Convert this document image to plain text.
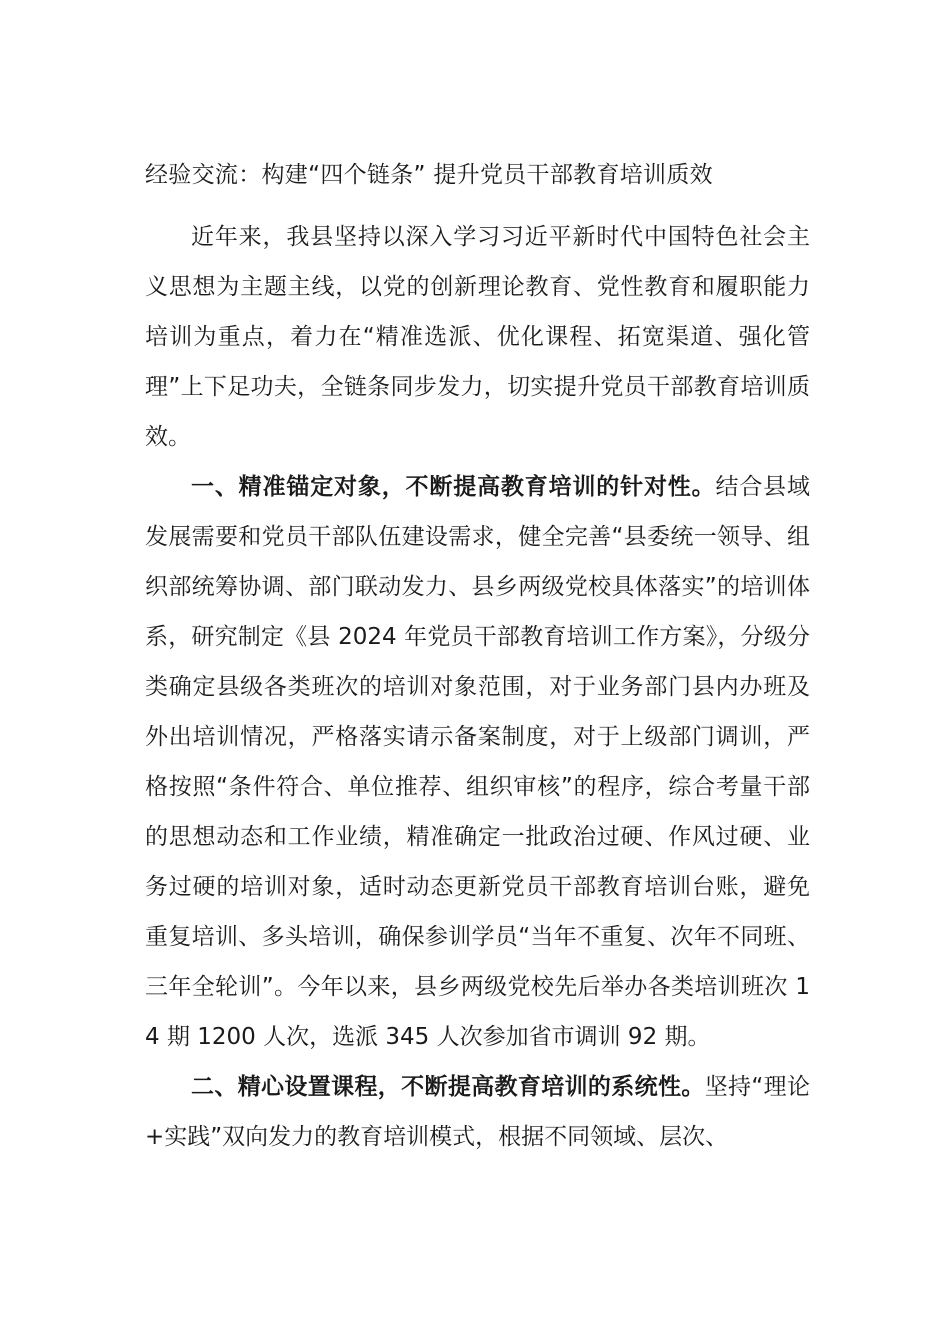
经验交流：构建“四个链条” 提升党员干部教育培训质效

近年来，我县坚持以深入学习习近平新时代中国特色社会主义思想为主题主线，以党的创新理论教育、党性教育和履职能力培训为重点，着力在“精准选派、优化课程、拓宽渠道、强化管理”上下足功夫，全链条同步发力，切实提升党员干部教育培训质效。

一、精准锚定对象，不断提高教育培训的针对性。结合县域发展需要和党员干部队伍建设需求，健全完善“县委统一领导、组织部统筹协调、部门联动发力、县乡两级党校具体落实”的培训体系，研究制定《县 2024 年党员干部教育培训工作方案》，分级分类确定县级各类班次的培训对象范围，对于业务部门县内办班及外出培训情况，严格落实请示备案制度，对于上级部门调训，严格按照“条件符合、单位推荐、组织审核”的程序，综合考量干部的思想动态和工作业绩，精准确定一批政治过硬、作风过硬、业务过硬的培训对象，适时动态更新党员干部教育培训台账，避免重复培训、多头培训，确保参训学员“当年不重复、次年不同班、三年全轮训”。今年以来，县乡两级党校先后举办各类培训班次 14 期 1200 人次，选派 345 人次参加省市调训 92 期。

二、精心设置课程，不断提高教育培训的系统性。坚持“理论+实践”双向发力的教育培训模式，根据不同领域、层次、
